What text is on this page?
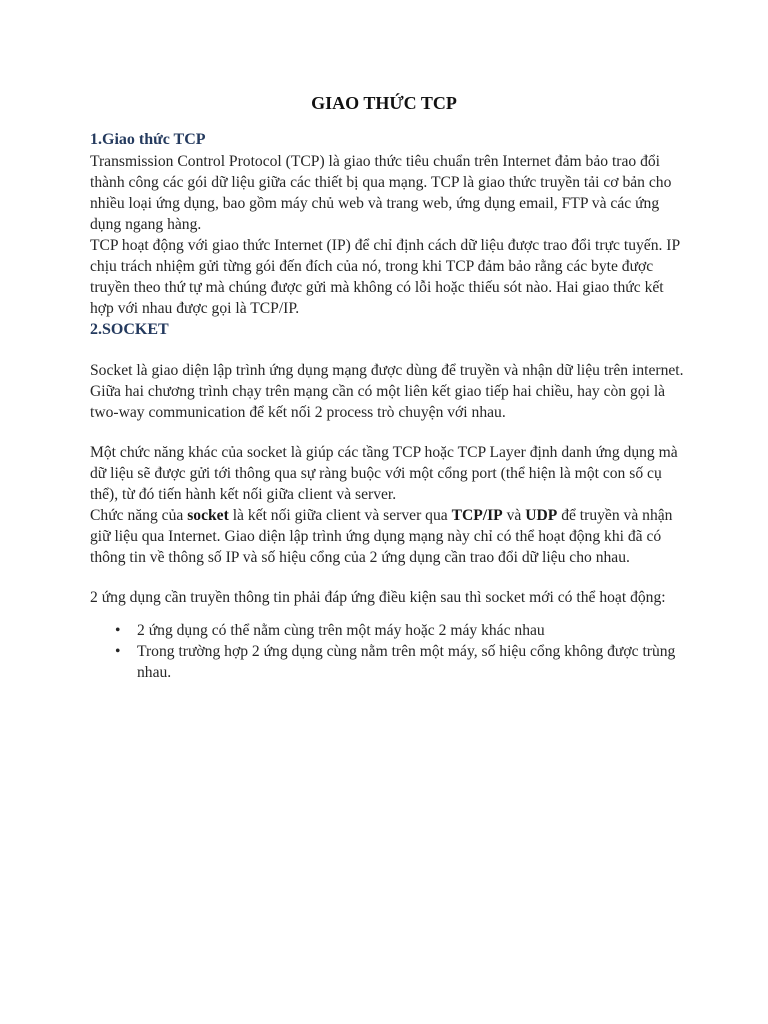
GIAO THỨC TCP
1.Giao thức TCP

Transmission Control Protocol (TCP) là giao thức tiêu chuẩn trên Internet đảm bảo trao đổi thành công các gói dữ liệu giữa các thiết bị qua mạng. TCP là giao thức truyền tải cơ bản cho nhiều loại ứng dụng, bao gồm máy chủ web và trang web, ứng dụng email, FTP và các ứng dụng ngang hàng.

TCP hoạt động với giao thức Internet (IP) để chỉ định cách dữ liệu được trao đổi trực tuyến. IP chịu trách nhiệm gửi từng gói đến đích của nó, trong khi TCP đảm bảo rằng các byte được truyền theo thứ tự mà chúng được gửi mà không có lỗi hoặc thiếu sót nào. Hai giao thức kết hợp với nhau được gọi là TCP/IP.

2.SOCKET

Socket là giao diện lập trình ứng dụng mạng được dùng để truyền và nhận dữ liệu trên internet. Giữa hai chương trình chạy trên mạng cần có một liên kết giao tiếp hai chiều, hay còn gọi là two-way communication để kết nối 2 process trò chuyện với nhau.

Một chức năng khác của socket là giúp các tầng TCP hoặc TCP Layer định danh ứng dụng mà dữ liệu sẽ được gửi tới thông qua sự ràng buộc với một cổng port (thể hiện là một con số cụ thể), từ đó tiến hành kết nối giữa client và server.

Chức năng của socket là kết nối giữa client và server qua TCP/IP và UDP để truyền và nhận giữ liệu qua Internet. Giao diện lập trình ứng dụng mạng này chỉ có thể hoạt động khi đã có thông tin về thông số IP và số hiệu cổng của 2 ứng dụng cần trao đổi dữ liệu cho nhau.

2 ứng dụng cần truyền thông tin phải đáp ứng điều kiện sau thì socket mới có thể hoạt động:

• 2 ứng dụng có thể nằm cùng trên một máy hoặc 2 máy khác nhau
• Trong trường hợp 2 ứng dụng cùng nằm trên một máy, số hiệu cổng không được trùng nhau.
